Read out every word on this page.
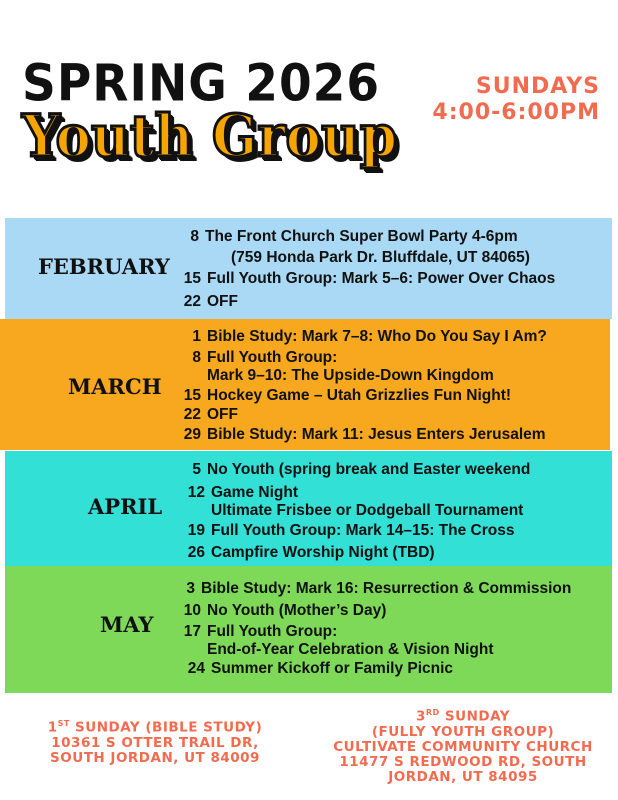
SPRING 2026
Youth Group
SUNDAYS
4:00-6:00PM
FEBRUARY
8 The Front Church Super Bowl Party 4-6pm
(759 Honda Park Dr. Bluffdale, UT 84065)
15 Full Youth Group: Mark 5–6: Power Over Chaos
22 OFF
MARCH
1 Bible Study: Mark 7–8: Who Do You Say I Am?
8 Full Youth Group:
Mark 9–10: The Upside-Down Kingdom
15 Hockey Game – Utah Grizzlies Fun Night!
22 OFF
29 Bible Study: Mark 11: Jesus Enters Jerusalem
APRIL
5 No Youth (spring break and Easter weekend
12 Game Night
Ultimate Frisbee or Dodgeball Tournament
19 Full Youth Group: Mark 14–15: The Cross
26 Campfire Worship Night (TBD)
MAY
3 Bible Study: Mark 16: Resurrection & Commission
10 No Youth (Mother’s Day)
17 Full Youth Group:
End-of-Year Celebration & Vision Night
24 Summer Kickoff or Family Picnic
1ST SUNDAY (BIBLE STUDY)
10361 S OTTER TRAIL DR,
SOUTH JORDAN, UT 84009
3RD SUNDAY
(FULLY YOUTH GROUP)
CULTIVATE COMMUNITY CHURCH
11477 S REDWOOD RD, SOUTH
JORDAN, UT 84095
